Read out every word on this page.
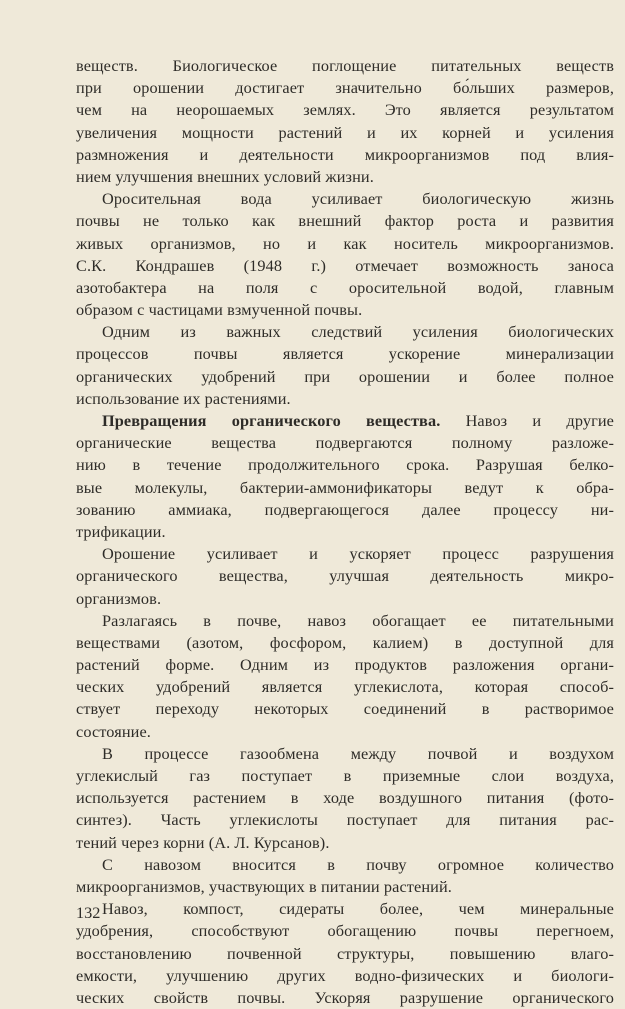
веществ. Биологическое поглощение питательных веществ
при орошении достигает значительно бо́льших размеров,
чем на неорошаемых землях. Это является результатом
увеличения мощности растений и их корней и усиления
размножения и деятельности микроорганизмов под влия-
нием улучшения внешних условий жизни.
Оросительная вода усиливает биологическую жизнь
почвы не только как внешний фактор роста и развития
живых организмов, но и как носитель микроорганизмов.
С.К. Кондрашев (1948 г.) отмечает возможность заноса
азотобактера на поля с оросительной водой, главным
образом с частицами взмученной почвы.
Одним из важных следствий усиления биологических
процессов почвы является ускорение минерализации
органических удобрений при орошении и более полное
использование их растениями.
Превращения органического вещества. Навоз и другие
органические вещества подвергаются полному разложе-
нию в течение продолжительного срока. Разрушая белко-
вые молекулы, бактерии-аммонификаторы ведут к обра-
зованию аммиака, подвергающегося далее процессу ни-
трификации.
Орошение усиливает и ускоряет процесс разрушения
органического вещества, улучшая деятельность микро-
организмов.
Разлагаясь в почве, навоз обогащает ее питательными
веществами (азотом, фосфором, калием) в доступной для
растений форме. Одним из продуктов разложения органи-
ческих удобрений является углекислота, которая способ-
ствует переходу некоторых соединений в растворимое
состояние.
В процессе газообмена между почвой и воздухом
углекислый газ поступает в приземные слои воздуха,
используется растением в ходе воздушного питания (фото-
синтез). Часть углекислоты поступает для питания рас-
тений через корни (А. Л. Курсанов).
С навозом вносится в почву огромное количество
микроорганизмов, участвующих в питании растений.
Навоз, компост, сидераты более, чем минеральные
удобрения, способствуют обогащению почвы перегноем,
восстановлению почвенной структуры, повышению влаго-
емкости, улучшению других водно-физических и биологи-
ческих свойств почвы. Ускоряя разрушение органического
132
